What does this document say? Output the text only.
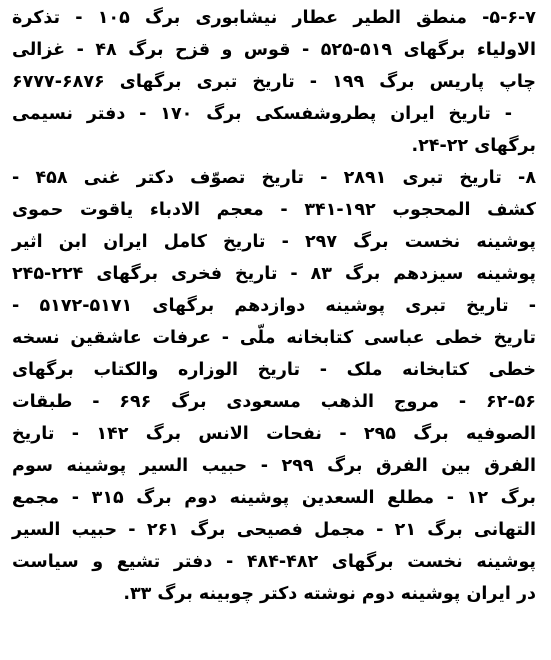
۵-۶-۷- منطق الطیر عطار نیشابوری برگ ۱۰۵ - تذکرة
الاولیاء برگهای ۵۱۹-۵۲۵ - قوس و قزح برگ ۴۸ - غزالی
چاپ پاریس برگ ۱۹۹ - تاریخ تبری برگهای ۶۸۷۶-۶۷۷۷
- تاریخ ایران پطروشفسکی برگ ۱۷۰ - دفتر نسیمی
برگهای ۲۲-۲۴.
۸- تاریخ تبری ۲۸۹۱ - تاریخ تصوّف دکتر غنی ۴۵۸ -
کشف المحجوب ۱۹۲-۳۴۱ - معجم الادباء یاقوت حموی
پوشینه نخست برگ ۲۹۷ - تاریخ کامل ایران ابن اثیر
پوشینه سیزدهم برگ ۸۳ - تاریخ فخری برگهای ۲۲۴-۲۴۵
- تاریخ تبری پوشینه دوازدهم برگهای ۵۱۷۱-۵۱۷۲ -
تاریخ خطی عباسی کتابخانه ملّی - عرفات عاشقین نسخه
خطی کتابخانه ملک - تاریخ الوزاره والکتاب برگهای
۶۲-۵۶ - مروج الذهب مسعودی برگ ۶۹۶ - طبقات
الصوفیه برگ ۲۹۵ - نفحات الانس برگ ۱۴۲ - تاریخ
الفرق بین الفرق برگ ۲۹۹ - حبیب السیر پوشینه سوم
برگ ۱۲ - مطلع السعدین پوشینه دوم برگ ۳۱۵ - مجمع
التهانی برگ ۲۱ - مجمل فصیحی برگ ۲۶۱ - حبیب السیر
پوشینه نخست برگهای ۴۸۲-۴۸۴ - دفتر تشیع و سیاست
در ایران پوشینه دوم نوشته دکتر چوبینه برگ ۳۳.
